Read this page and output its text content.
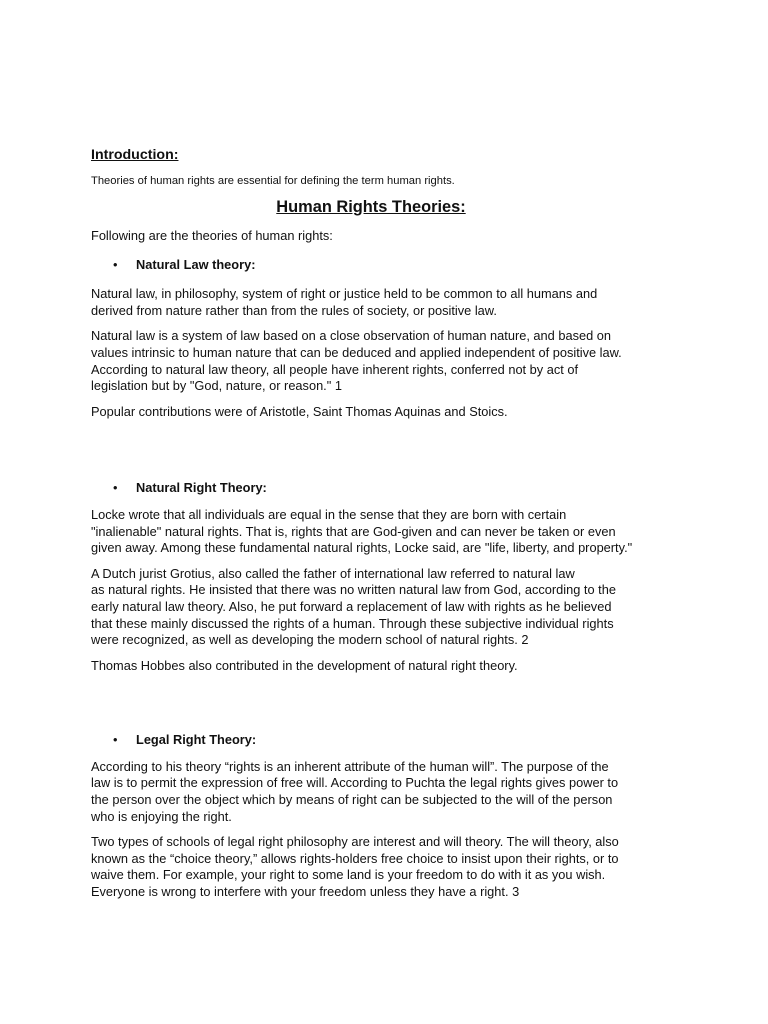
Introduction:

Theories of human rights are essential for defining the term human rights.

Human Rights Theories:

Following are the theories of human rights:

• Natural Law theory:

Natural law, in philosophy, system of right or justice held to be common to all humans and
derived from nature rather than from the rules of society, or positive law.

Natural law is a system of law based on a close observation of human nature, and based on
values intrinsic to human nature that can be deduced and applied independent of positive law.
According to natural law theory, all people have inherent rights, conferred not by act of
legislation but by "God, nature, or reason." 1

Popular contributions were of Aristotle, Saint Thomas Aquinas and Stoics.

• Natural Right Theory:

Locke wrote that all individuals are equal in the sense that they are born with certain
"inalienable" natural rights. That is, rights that are God-given and can never be taken or even
given away. Among these fundamental natural rights, Locke said, are "life, liberty, and property."

A Dutch jurist Grotius, also called the father of international law referred to natural law
as natural rights. He insisted that there was no written natural law from God, according to the
early natural law theory. Also, he put forward a replacement of law with rights as he believed
that these mainly discussed the rights of a human. Through these subjective individual rights
were recognized, as well as developing the modern school of natural rights. 2

Thomas Hobbes also contributed in the development of natural right theory.

• Legal Right Theory:

According to his theory “rights is an inherent attribute of the human will”. The purpose of the
law is to permit the expression of free will. According to Puchta the legal rights gives power to
the person over the object which by means of right can be subjected to the will of the person
who is enjoying the right.

Two types of schools of legal right philosophy are interest and will theory. The will theory, also
known as the “choice theory,” allows rights-holders free choice to insist upon their rights, or to
waive them. For example, your right to some land is your freedom to do with it as you wish.
Everyone is wrong to interfere with your freedom unless they have a right. 3
